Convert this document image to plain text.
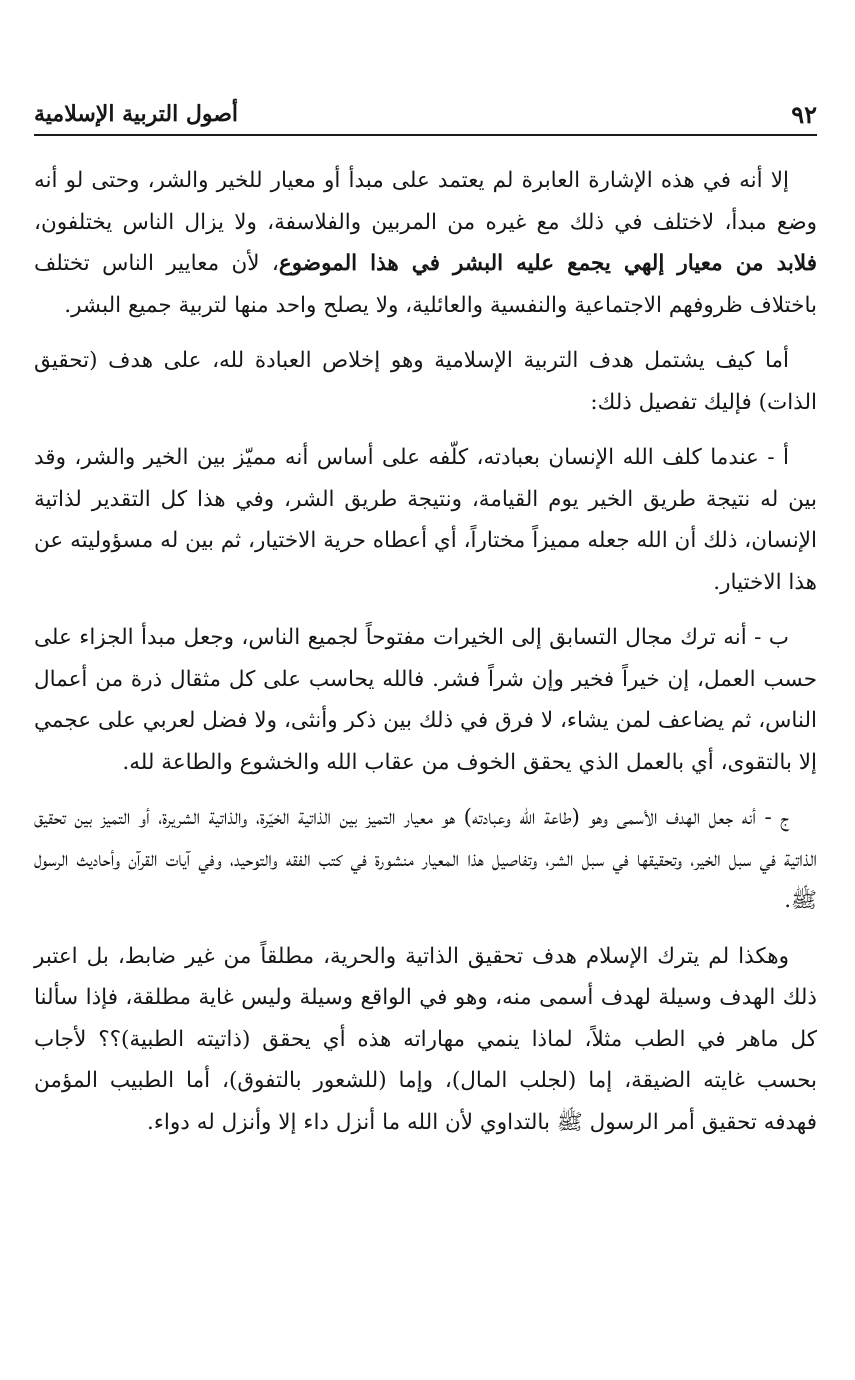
٩٢
أصول التربية الإسلامية

إلا أنه في هذه الإشارة العابرة لم يعتمد على مبدأ أو معيار للخير والشر، وحتى لو أنه وضع مبدأ، لاختلف في ذلك مع غيره من المربين والفلاسفة، ولا يزال الناس يختلفون، فلابد من معيار إلهي يجمع عليه البشر في هذا الموضوع، لأن معايير الناس تختلف باختلاف ظروفهم الاجتماعية والنفسية والعائلية، ولا يصلح واحد منها لتربية جميع البشر.

أما كيف يشتمل هدف التربية الإسلامية وهو إخلاص العبادة لله، على هدف (تحقيق الذات) فإليك تفصيل ذلك:

أ - عندما كلف الله الإنسان بعبادته، كلّفه على أساس أنه مميّز بين الخير والشر، وقد بين له نتيجة طريق الخير يوم القيامة، ونتيجة طريق الشر، وفي هذا كل التقدير لذاتية الإنسان، ذلك أن الله جعله مميزاً مختاراً، أي أعطاه حرية الاختيار، ثم بين له مسؤوليته عن هذا الاختيار.

ب - أنه ترك مجال التسابق إلى الخيرات مفتوحاً لجميع الناس، وجعل مبدأ الجزاء على حسب العمل، إن خيراً فخير وإن شراً فشر. فالله يحاسب على كل مثقال ذرة من أعمال الناس، ثم يضاعف لمن يشاء، لا فرق في ذلك بين ذكر وأنثى، ولا فضل لعربي على عجمي إلا بالتقوى، أي بالعمل الذي يحقق الخوف من عقاب الله والخشوع والطاعة لله.

ج - أنه جعل الهدف الأسمى وهو (طاعة الله وعبادته) هو معيار التميز بين الذاتية الخيّرة، والذاتية الشريرة، أو التميز بين تحقيق الذاتية في سبل الخير، وتحقيقها في سبل الشر، وتفاصيل هذا المعيار منشورة في كتب الفقه والتوحيد، وفي آيات القرآن وأحاديث الرسول ﷺ.

وهكذا لم يترك الإسلام هدف تحقيق الذاتية والحرية، مطلقاً من غير ضابط، بل اعتبر ذلك الهدف وسيلة لهدف أسمى منه، وهو في الواقع وسيلة وليس غاية مطلقة، فإذا سألنا كل ماهر في الطب مثلاً، لماذا ينمي مهاراته هذه أي يحقق (ذاتيته الطبية)؟؟ لأجاب بحسب غايته الضيقة، إما (لجلب المال)، وإما (للشعور بالتفوق)، أما الطبيب المؤمن فهدفه تحقيق أمر الرسول ﷺ بالتداوي لأن الله ما أنزل داء إلا وأنزل له دواء.
